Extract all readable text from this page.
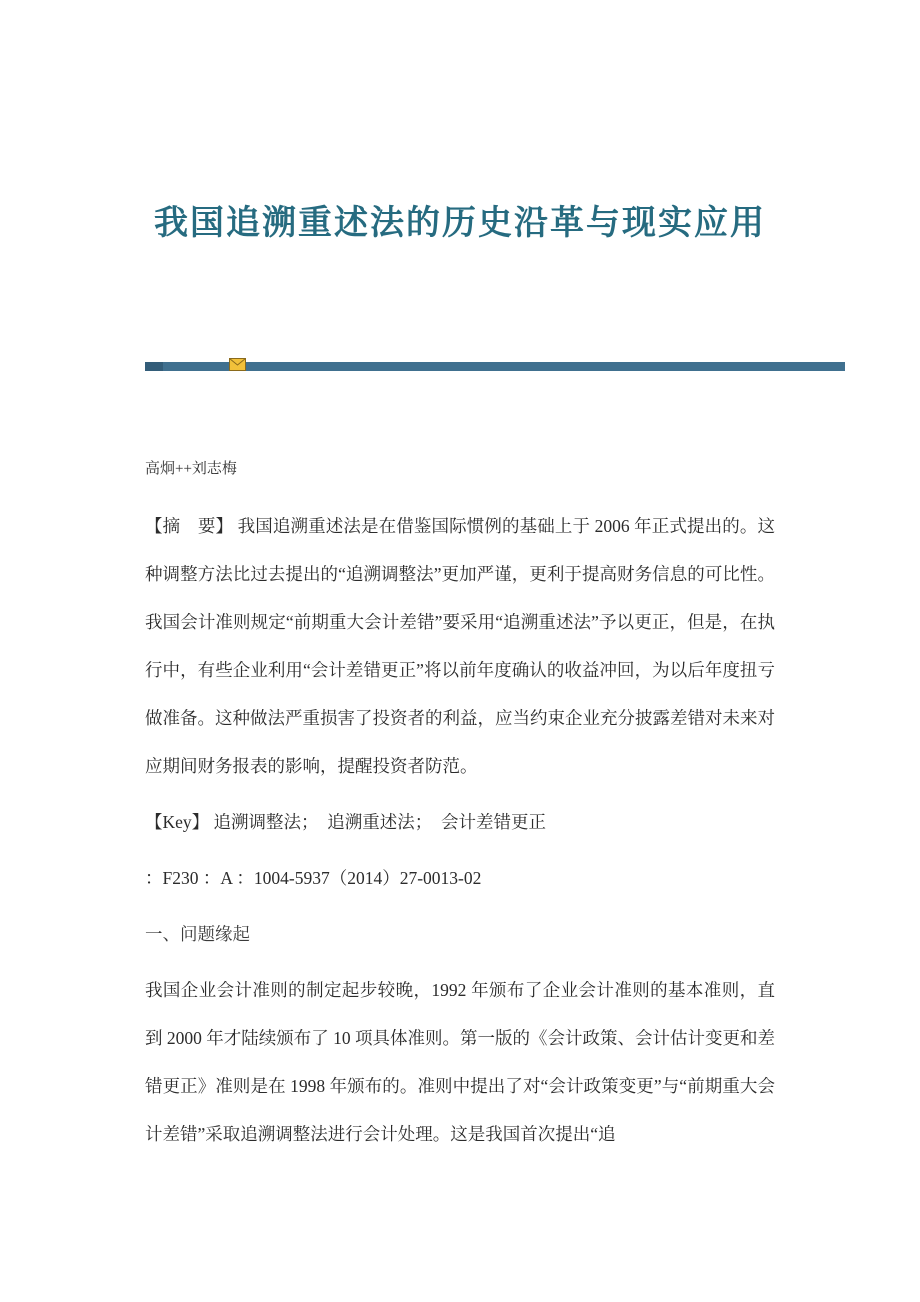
我国追溯重述法的历史沿革与现实应用
高炯++刘志梅

【摘　要】 我国追溯重述法是在借鉴国际惯例的基础上于 2006 年正式提出的。这种调整方法比过去提出的“追溯调整法”更加严谨，更利于提高财务信息的可比性。我国会计准则规定“前期重大会计差错”要采用“追溯重述法”予以更正，但是，在执行中，有些企业利用“会计差错更正”将以前年度确认的收益冲回，为以后年度扭亏做准备。这种做法严重损害了投资者的利益，应当约束企业充分披露差错对未来对应期间财务报表的影响，提醒投资者防范。

【Key】 追溯调整法；　追溯重述法；　会计差错更正

：F230 ：A ：1004-5937（2014）27-0013-02

一、问题缘起

我国企业会计准则的制定起步较晚，1992 年颁布了企业会计准则的基本准则，直到 2000 年才陆续颁布了 10 项具体准则。第一版的《会计政策、会计估计变更和差错更正》准则是在 1998 年颁布的。准则中提出了对“会计政策变更”与“前期重大会计差错”采取追溯调整法进行会计处理。这是我国首次提出“追
